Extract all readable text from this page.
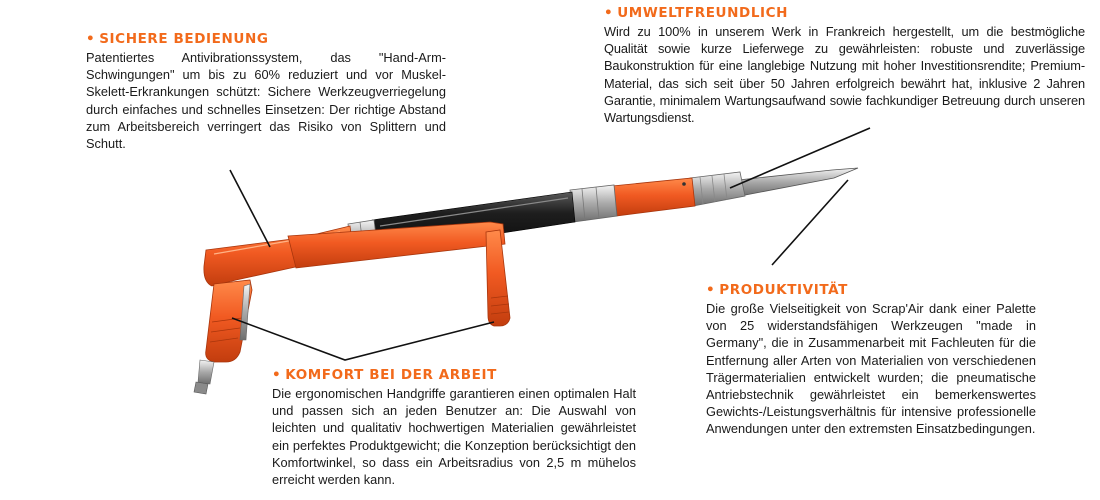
• SICHERE BEDIENUNG

Patentiertes Antivibrationssystem, das "Hand-Arm-Schwingungen" um bis zu 60% reduziert und vor Muskel-Skelett-Erkrankungen schützt: Sichere Werkzeugverriegelung durch einfaches und schnelles Einsetzen: Der richtige Abstand zum Arbeitsbereich verringert das Risiko von Splittern und Schutt.

• UMWELTFREUNDLICH

Wird zu 100% in unserem Werk in Frankreich hergestellt, um die bestmögliche Qualität sowie kurze Lieferwege zu gewährleisten: robuste und zuverlässige Baukonstruktion für eine langlebige Nutzung mit hoher Investitionsrendite; Premium-Material, das sich seit über 50 Jahren erfolgreich bewährt hat, inklusive 2 Jahren Garantie, minimalem Wartungsaufwand sowie fachkundiger Betreuung durch unseren Wartungsdienst.

• PRODUKTIVITÄT

Die große Vielseitigkeit von Scrap'Air dank einer Palette von 25 widerstandsfähigen Werkzeugen "made in Germany", die in Zusammenarbeit mit Fachleuten für die Entfernung aller Arten von Materialien von verschiedenen Trägermaterialien entwickelt wurden; die pneumatische Antriebstechnik gewährleistet ein bemerkenswertes Gewichts-/Leistungsverhältnis für intensive professionelle Anwendungen unter den extremsten Einsatzbedingungen.

• KOMFORT BEI DER ARBEIT

Die ergonomischen Handgriffe garantieren einen optimalen Halt und passen sich an jeden Benutzer an: Die Auswahl von leichten und qualitativ hochwertigen Materialien gewährleistet ein perfektes Produktgewicht; die Konzeption berücksichtigt den Komfortwinkel, so dass ein Arbeitsradius von 2,5 m mühelos erreicht werden kann.
